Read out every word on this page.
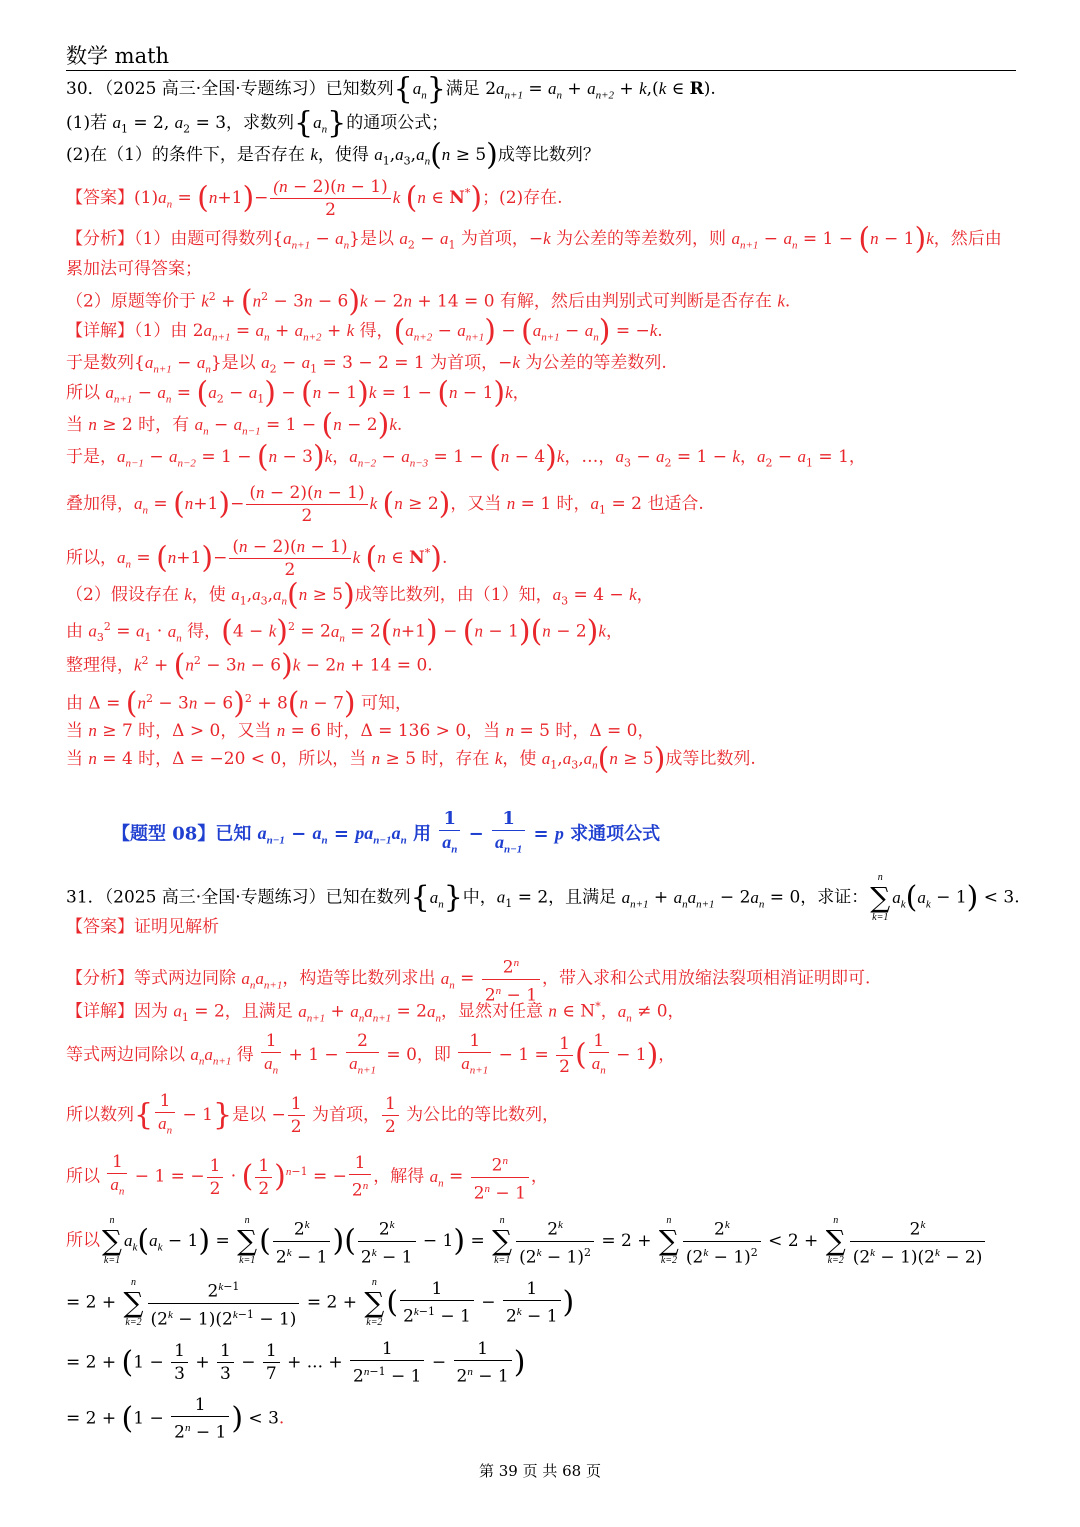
数学 math
30．（2025 高三·全国·专题练习）已知数列$\{a_n\}$满足 $2a_{n+1} = a_n + a_{n+2} + k,(k$ ∈ R).
(1)若 $a_1 = 2$, $a_2 = 3$，求数列$\{a_n\}$的通项公式；
(2)在（1）的条件下，是否存在 k，使得 $a_1,a_3,a_n(n \ge 5)$成等比数列？
【答案】$(1)a_n = (n+1)- \frac{(n - 2)(n - 1)}{2}$ k (n ∈ N*)；(2)存在.
【分析】（1）由题可得数列$\{a_{n+1} - a_n\}$是以 $a_2 - a_1$ 为首项，−k 为公差的等差数列，则 $a_{n+1} - a_n = 1 - (n - 1)k$，然后由
累加法可得答案；
（2）原题等价于 $k^2 + (n^2 - 3n - 6)k - 2n + 14 = 0$ 有解，然后由判别式可判断是否存在 k.
【详解】（1）由 $2a_{n+1} = a_n + a_{n+2} + k$ 得，$(a_{n+2} - a_{n+1}) - (a_{n+1} - a_n) = -k$.
于是数列$\{a_{n+1} - a_n\}$是以 $a_2 - a_1 = 3 - 2 = 1$ 为首项，−k 为公差的等差数列.
所以 $a_{n+1} - a_n = (a_2 - a_1) - (n - 1)k = 1 - (n - 1)k$，
当 n ≥ 2 时，有 $a_n - a_{n-1} = 1 - (n - 2)k$.
于是，$a_{n-1} - a_{n-2} = 1 - (n - 3)k$，$a_{n-2} - a_{n-3} = 1 - (n - 4)k$，…，$a_3 - a_2 = 1 - k$，$a_2 - a_1 = 1$，
叠加得，$a_n = (n+1)- \frac{(n - 2)(n - 1)}{2}$ k (n ≥ 2)，又当 n = 1 时，$a_1 = 2$ 也适合.
所以，$a_n = (n+1)- \frac{(n - 2)(n - 1)}{2}$ k (n ∈ N*).
（2）假设存在 k，使 $a_1,a_3,a_n(n \ge 5)$成等比数列，由（1）知，$a_3 = 4 - k$，
由 $a_3^2 = a_1 \cdot a_n$ 得，$(4 - k)^2 = 2a_n = 2(n+1) - (n - 1)(n - 2)k$，
整理得，$k^2 + (n^2 - 3n - 6)k - 2n + 14 = 0$.
由 $\Delta = (n^2 - 3n - 6)^2 + 8(n - 7)$ 可知，
当 n ≥ 7 时，Δ > 0，又当 n = 6 时，Δ = 136 > 0，当 n = 5 时，Δ = 0，
当 n = 4 时，Δ = −20 < 0，所以，当 n ≥ 5 时，存在 k，使 $a_1,a_3,a_n(n \ge 5)$成等比数列.
【题型 08】已知 $a_{n-1} - a_n = pa_{n-1}a_n$ 用 $\frac{1}{a_n} - \frac{1}{a_{n-1}} = p$ 求通项公式
31．（2025 高三·全国·专题练习）已知在数列$\{a_n\}$中，$a_1 = 2$，且满足 $a_{n+1} + a_na_{n+1} - 2a_n = 0$，求证：
n
∑
k=1
$a_k(a_k - 1) < 3$.
【答案】证明见解析
【分析】等式两边同除 $a_na_{n+1}$，构造等比数列求出 $a_n = \frac{2^n}{2^n - 1}$ ，带入求和公式用放缩法裂项相消证明即可.
【详解】因为 $a_1 = 2$，且满足 $a_{n+1} + a_na_{n+1} = 2a_n$，显然对任意 n ∈ N*，$a_n \ne 0$，
等式两边同除以 $a_na_{n+1}$ 得 $\frac{1}{a_n} + 1 - \frac{2}{a_{n+1}} = 0$，即 $\frac{1}{a_{n+1}} - 1 = \frac{1}{2}$ ( $\frac{1}{a_n} - 1$)，
所以数列{ $\frac{1}{a_n} - 1$}是以 − $\frac{1}{2}$ 为首项， $\frac{1}{2}$ 为公比的等比数列，
所以 $\frac{1}{a_n} - 1$ = − $\frac{1}{2}$ · ( $\frac{1}{2} )^{n-1}$ = − $\frac{1}{2^n}$ ，解得 $a_n = \frac{2^n}{2^n - 1}$ ，
所以
n
∑
k=1
$a_k(a_k - 1)$ =
n
∑
k=1
( $\frac{2^k}{2^k - 1}$ )( $\frac{2^k}{2^k - 1} - 1$) =
n
∑
$k=1 \frac{2^k}{(2^k - 1)^2} = 2$ +
n
∑
$k=2 \frac{2^k}{(2^k - 1)^2} < 2$ +
n
∑
$k=2 \frac{2^k}{(2^k - 1)(2^k - 2)}$
= 2 +
n
∑
$k=2 \frac{2^{k-1}}{(2^k - 1)(2^{k-1} - 1)} = 2$ +
n
∑
k=2
( $\frac{1}{2^{k-1} - 1} - \frac{1}{2^k - 1}$ )
= $2 + (1 - \frac{1}{3} + \frac{1}{3} - \frac{1}{7}$ + ... + $\frac{1}{2^{n-1} - 1} - \frac{1}{2^n - 1}$ )
= $2 + (1 - \frac{1}{2^n - 1}$ ) < 3.
第 39 页 共 68 页
